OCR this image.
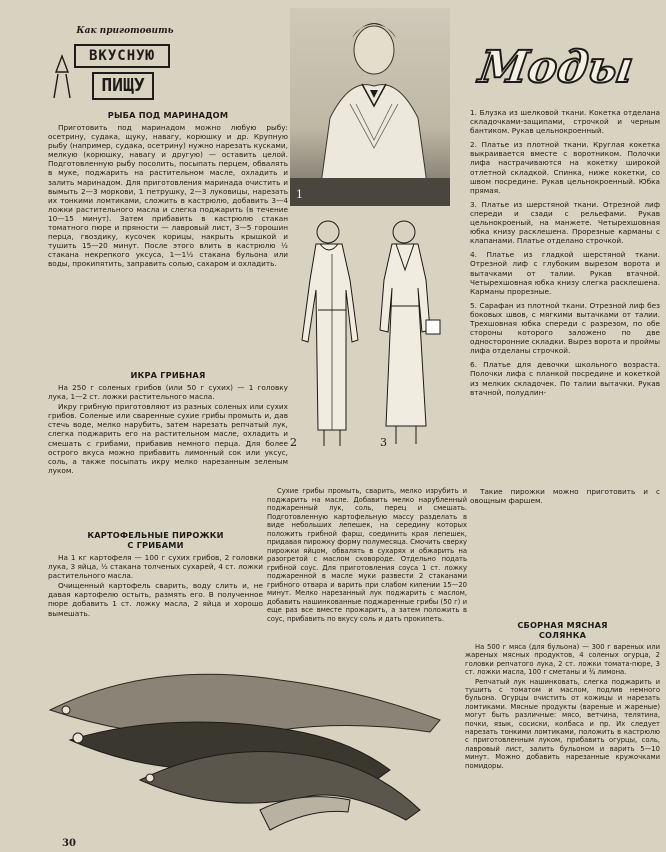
Как приготовить
ВКУСНУЮ
ПИЩУ
РЫБА ПОД МАРИНАДОМ

Приготовить под маринадом можно любую рыбу: осетрину, судака, щуку, навагу, корюшку и др. Крупную рыбу (например, судака, осетрину) нужно нарезать кусками, мелкую (корюшку, навагу и другую) — оставить целой. Подготовленную рыбу посолить, посыпать перцем, обвалять в муке, поджарить на растительном масле, охладить и залить маринадом. Для приготовления маринада очистить и вымыть 2—3 моркови, 1 петрушку, 2—3 луковицы, нарезать их тонкими ломтиками, сложить в кастрюлю, добавить 3—4 ложки растительного масла и слегка поджарить (в течение 10—15 минут). Затем прибавить в кастрюлю стакан томатного пюре и пряности — лавровый лист, 3—5 горошин перца, гвоздику, кусочек корицы, накрыть крышкой и тушить 15—20 минут. После этого влить в кастрюлю ½ стакана некрепкого уксуса, 1—1½ стакана бульона или воды, прокипятить, заправить солью, сахаром и охладить.

ИКРА ГРИБНАЯ

На 250 г соленых грибов (или 50 г сухих) — 1 головку лука, 1—2 ст. ложки растительного масла.

Икру грибную приготовляют из разных соленых или сухих грибов. Соленые или сваренные сухие грибы промыть и, дав стечь воде, мелко нарубить, затем нарезать репчатый лук, слегка поджарить его на растительном масле, охладить и смешать с грибами, прибавив немного перца. Для более острого вкуса можно прибавить лимонный сок или уксус, соль, а также посыпать икру мелко нарезанным зеленым луком.

КАРТОФЕЛЬНЫЕ ПИРОЖКИ
С ГРИБАМИ

На 1 кг картофеля — 100 г сухих грибов, 2 головки лука, 3 яйца, ½ стакана толченых сухарей, 4 ст. ложки растительного масла.

Очищенный картофель сварить, воду слить и, не давая картофелю остыть, размять его. В полученное пюре добавить 1 ст. ложку масла, 2 яйца и хорошо вымешать.

Сухие грибы промыть, сварить, мелко изрубить и поджарить на масле. Добавить мелко нарубленный поджаренный лук, соль, перец и смешать. Подготовленную картофельную массу разделать в виде небольших лепешек, на середину которых положить грибной фарш, соединить края лепешек, придавая пирожку форму полумесяца. Смочить сверху пирожки яйцом, обвалять в сухарях и обжарить на разогретой с маслом сковороде. Отдельно подать грибной соус. Для приготовления соуса 1 ст. ложку поджаренной в масле муки развести 2 стаканами грибного отвара и варить при слабом кипении 15—20 минут. Мелко нарезанный лук поджарить с маслом, добавить нашинкованные поджаренные грибы (50 г) и еще раз все вместе прожарить, а затем положить в соус, прибавить по вкусу соль и дать прокипеть.

Такие пирожки можно приготовить и с овощным фаршем.

СБОРНАЯ МЯСНАЯ
СОЛЯНКА

На 500 г мяса (для бульона) — 300 г вареных или жареных мясных продуктов, 4 соленых огурца, 2 головки репчатого лука, 2 ст. ложки томата-пюре, 3 ст. ложки масла, 100 г сметаны и ¾ лимона.

Репчатый лук нашинковать, слегка поджарить и тушить с томатом и маслом, подлив немного бульона. Огурцы очистить от кожицы и нарезать ломтиками. Мясные продукты (вареные и жареные) могут быть различные: мясо, ветчина, телятина, почки, язык, сосиски, колбаса и пр. Их следует нарезать тонкими ломтиками, положить в кастрюлю с приготовленным луком, прибавить огурцы, соль, лавровый лист, залить бульоном и варить 5—10 минут. Можно добавить нарезанные кружочками помидоры.

1
Моды
2	3

1. Блузка из шелковой ткани. Кокетка отделана складочками-защипами, строчкой и черным бантиком. Рукав цельнокроенный.

2. Платье из плотной ткани. Круглая кокетка выкраивается вместе с воротником. Полочки лифа настрачиваются на кокетку широкой отлетной складкой. Спинка, ниже кокетки, со швом посредине. Рукав цельнокроенный. Юбка прямая.

3. Платье из шерстяной ткани. Отрезной лиф спереди и сзади с рельефами. Рукав цельнокроеный, на манжете. Четырехшовная юбка книзу расклешена. Прорезные карманы с клапанами. Платье отделано строчкой.

4. Платье из гладкой шерстяной ткани. Отрезной лиф с глубоким вырезом ворота и вытачками от талии. Рукав втачной. Четырехшовная юбка книзу слегка расклешена. Карманы прорезные.

5. Сарафан из плотной ткани. Отрезной лиф без боковых швов, с мягкими вытачками от талии. Трехшовная юбка спереди с разрезом, по обе стороны которого заложено по две односторонние складки. Вырез ворота и проймы лифа отделаны строчкой.

6. Платье для девочки школьного возраста. Полочки лифа с планкой посредине и кокеткой из мелких складочек. По талии вытачки. Рукав втачной, полудлин-

30
